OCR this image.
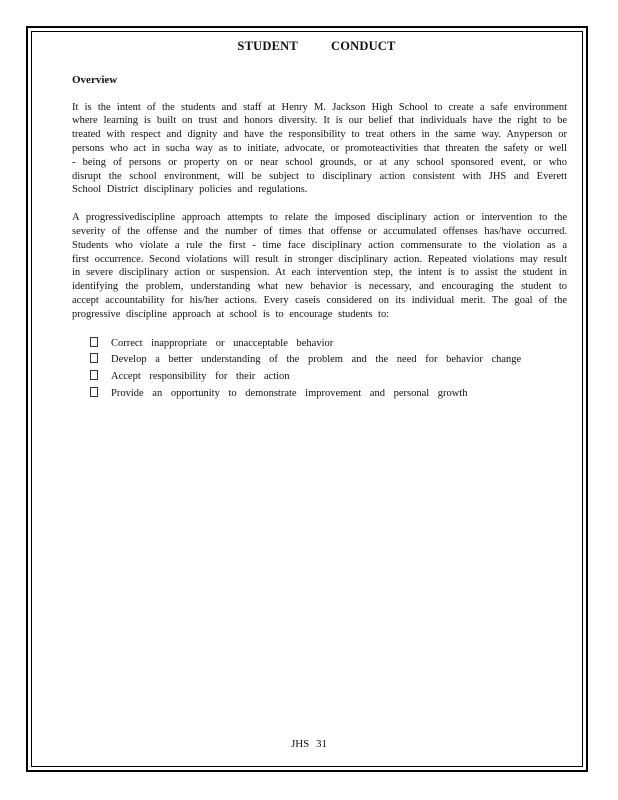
STUDENT CONDUCT
Overview

It is the intent of the students and staff at Henry M. Jackson High School to create a safe environment where learning is built on trust and honors diversity. It is our belief that individuals have the right to be treated with respect and dignity and have the responsibility to treat others in the same way. Anyperson or persons who act in sucha way as to initiate, advocate, or promoteactivities that threaten the safety or well - being of persons or property on or near school grounds, or at any school sponsored event, or who disrupt the school environment, will be subject to disciplinary action consistent with JHS and Everett School District disciplinary policies and regulations.

A progressivediscipline approach attempts to relate the imposed disciplinary action or intervention to the severity of the offense and the number of times that offense or accumulated offenses has/have occurred. Students who violate a rule the first - time face disciplinary action commensurate to the violation as a first occurrence. Second violations will result in stronger disciplinary action. Repeated violations may result in severe disciplinary action or suspension. At each intervention step, the intent is to assist the student in identifying the problem, understanding what new behavior is necessary, and encouraging the student to accept accountability for his/her actions. Every caseis considered on its individual merit. The goal of the progressive discipline approach at school is to encourage students to:

Correct inappropriate or unacceptable behavior
Develop a better understanding of the problem and the need for behavior change
Accept responsibility for their action
Provide an opportunity to demonstrate improvement and personal growth
JHS 31
